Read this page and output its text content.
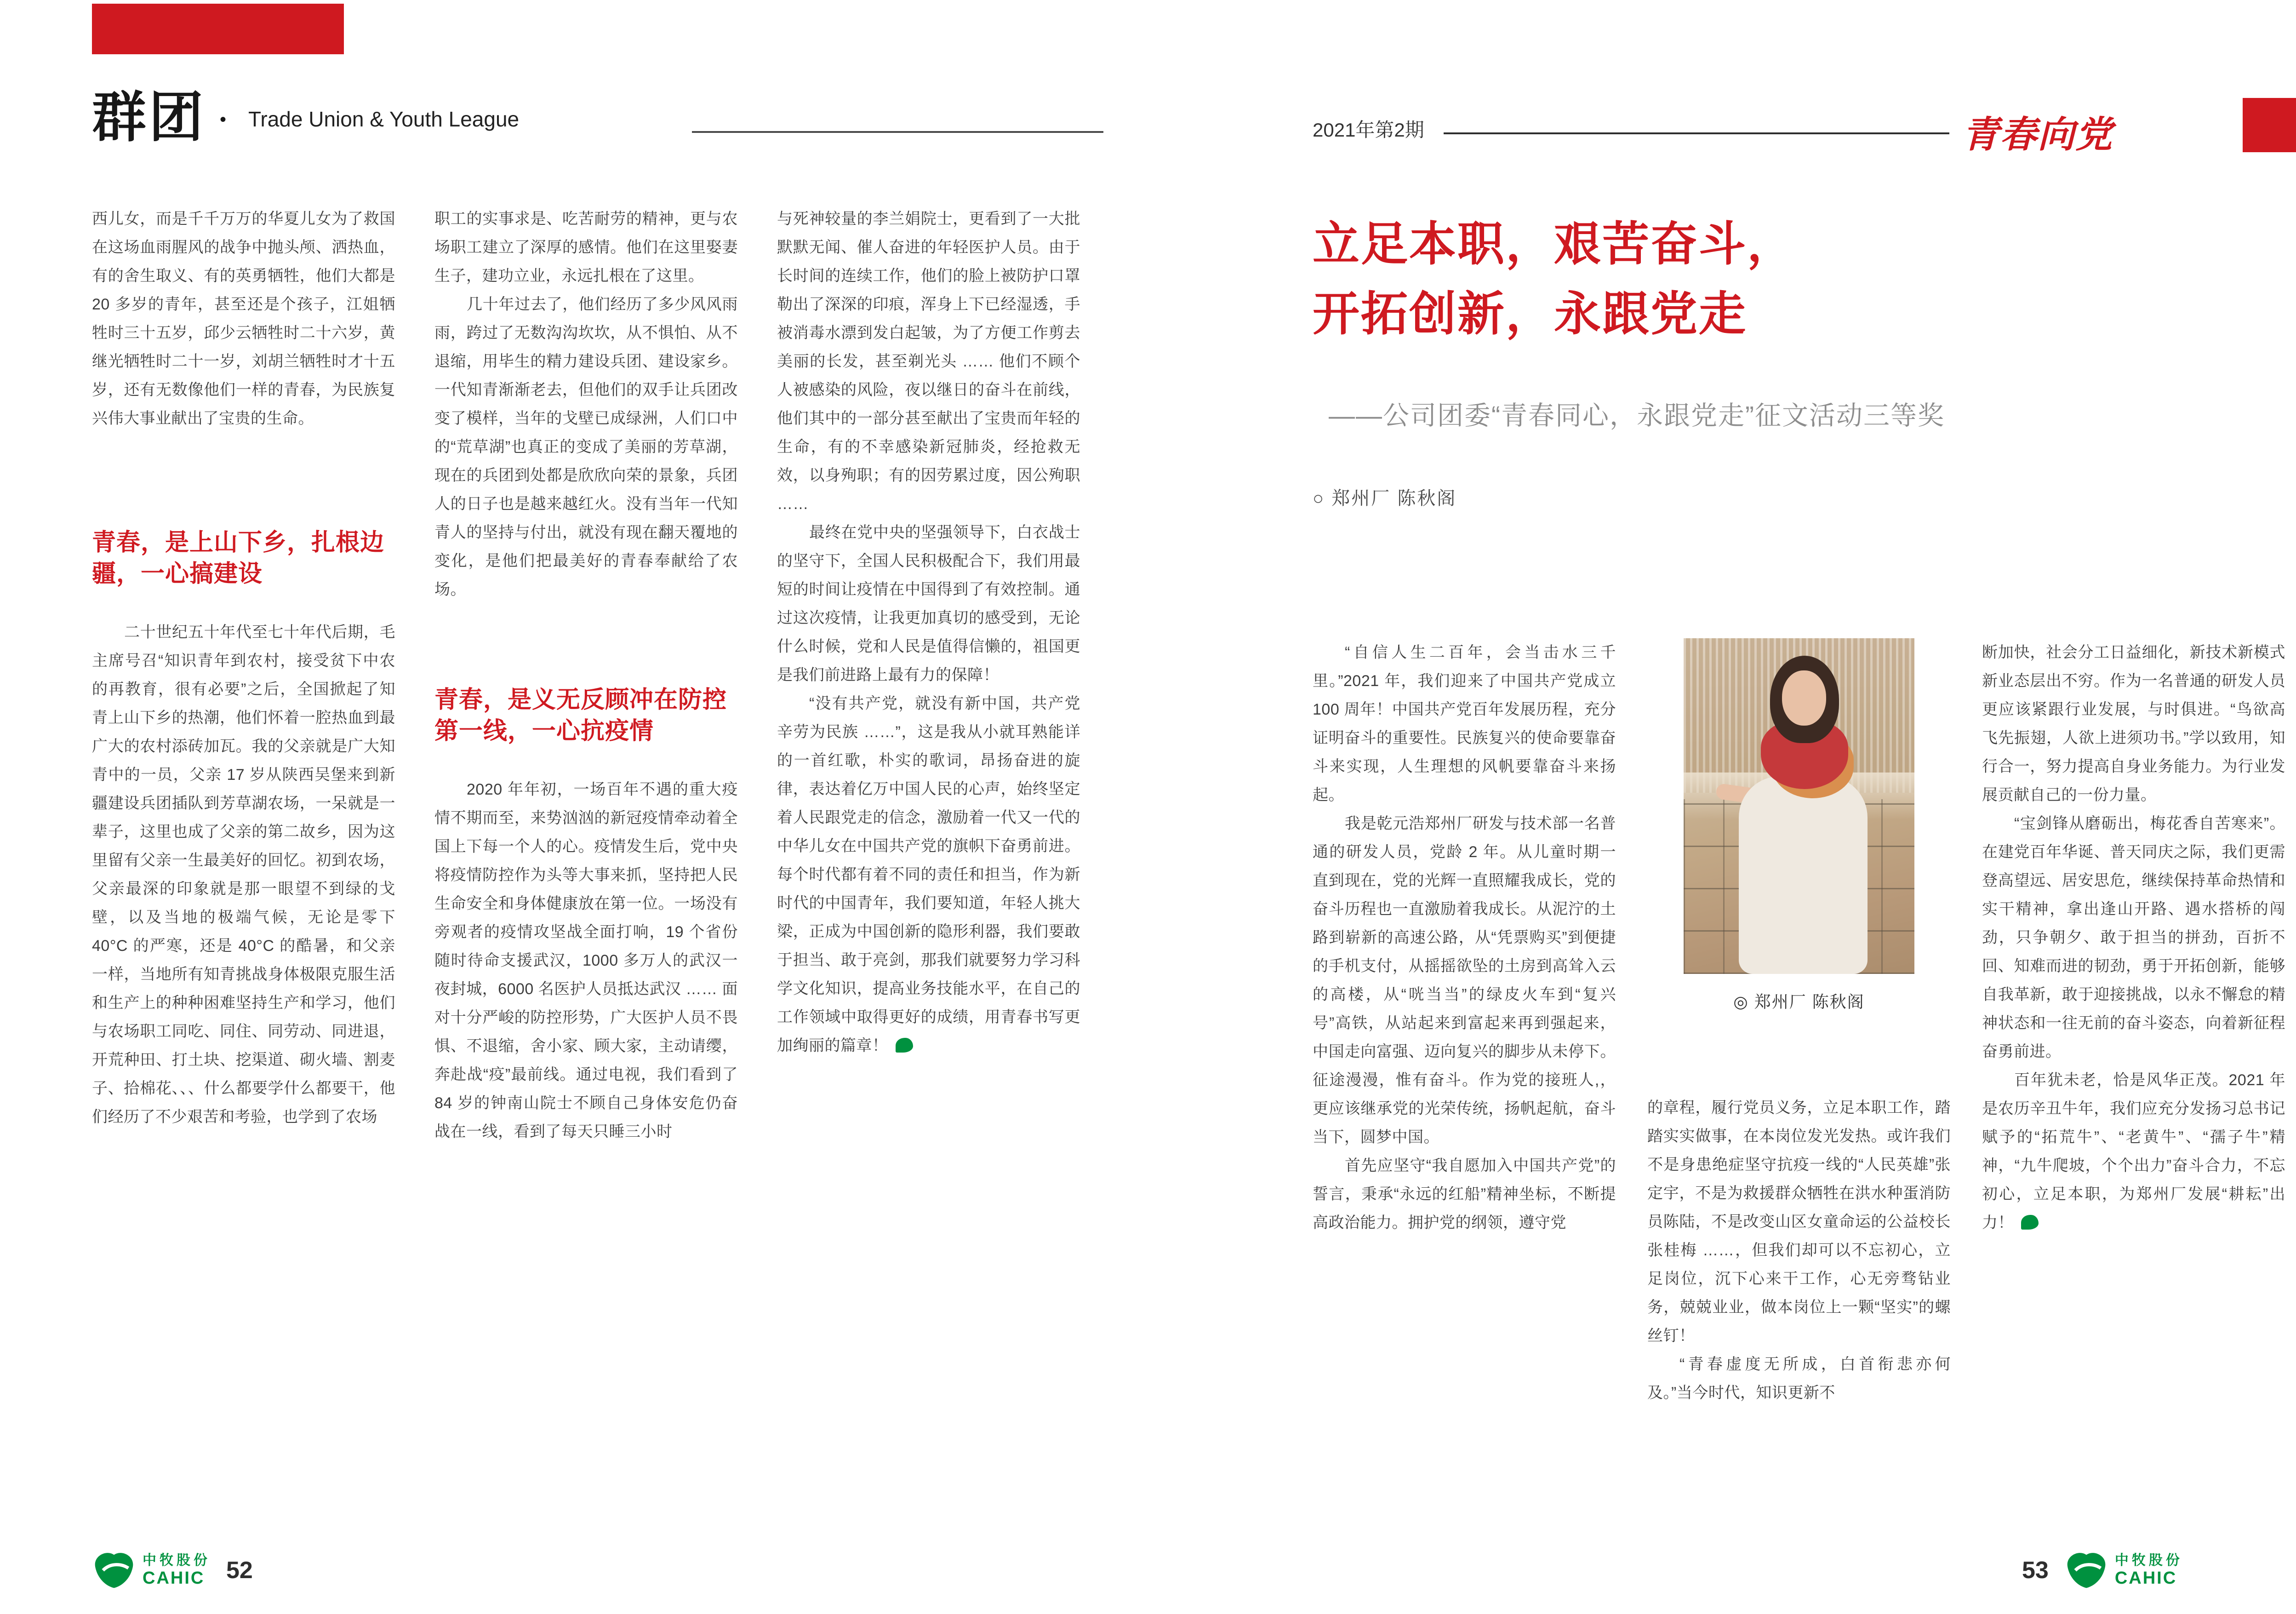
群团 • Trade Union & Youth League	2021年第2期	青春向党

西儿女，而是千千万万的华夏儿女为了救国在这场血雨腥风的战争中抛头颅、洒热血，有的舍生取义、有的英勇牺牲，他们大都是 20 多岁的青年，甚至还是个孩子，江姐牺牲时三十五岁，邱少云牺牲时二十六岁，黄继光牺牲时二十一岁，刘胡兰牺牲时才十五岁，还有无数像他们一样的青春，为民族复兴伟大事业献出了宝贵的生命。

青春，是上山下乡，扎根边疆，一心搞建设

二十世纪五十年代至七十年代后期，毛主席号召“知识青年到农村，接受贫下中农的再教育，很有必要”之后，全国掀起了知青上山下乡的热潮，他们怀着一腔热血到最广大的农村添砖加瓦。我的父亲就是广大知青中的一员，父亲 17 岁从陕西吴堡来到新疆建设兵团插队到芳草湖农场，一呆就是一辈子，这里也成了父亲的第二故乡，因为这里留有父亲一生最美好的回忆。初到农场，父亲最深的印象就是那一眼望不到绿的戈壁，以及当地的极端气候，无论是零下 40°C 的严寒，还是 40°C 的酷暑，和父亲一样，当地所有知青挑战身体极限克服生活和生产上的种种困难坚持生产和学习，他们与农场职工同吃、同住、同劳动、同进退，开荒种田、打土块、挖渠道、砌火墙、割麦子、拾棉花、、、什么都要学什么都要干，他们经历了不少艰苦和考验，也学到了农场

职工的实事求是、吃苦耐劳的精神，更与农场职工建立了深厚的感情。他们在这里娶妻生子，建功立业，永远扎根在了这里。

几十年过去了，他们经历了多少风风雨雨，跨过了无数沟沟坎坎，从不惧怕、从不退缩，用毕生的精力建设兵团、建设家乡。一代知青渐渐老去，但他们的双手让兵团改变了模样，当年的戈壁已成绿洲，人们口中的“荒草湖”也真正的变成了美丽的芳草湖，现在的兵团到处都是欣欣向荣的景象，兵团人的日子也是越来越红火。没有当年一代知青人的坚持与付出，就没有现在翻天覆地的变化，是他们把最美好的青春奉献给了农场。

青春，是义无反顾冲在防控第一线，一心抗疫情

2020 年年初，一场百年不遇的重大疫情不期而至，来势汹汹的新冠疫情牵动着全国上下每一个人的心。疫情发生后，党中央将疫情防控作为头等大事来抓，坚持把人民生命安全和身体健康放在第一位。一场没有旁观者的疫情攻坚战全面打响，19 个省份随时待命支援武汉，1000 多万人的武汉一夜封城，6000 名医护人员抵达武汉 …… 面对十分严峻的防控形势，广大医护人员不畏惧、不退缩，舍小家、顾大家，主动请缨，奔赴战“疫”最前线。通过电视，我们看到了 84 岁的钟南山院士不顾自己身体安危仍奋战在一线，看到了每天只睡三小时

与死神较量的李兰娟院士，更看到了一大批默默无闻、催人奋进的年轻医护人员。由于长时间的连续工作，他们的脸上被防护口罩勒出了深深的印痕，浑身上下已经湿透，手被消毒水漂到发白起皱，为了方便工作剪去美丽的长发，甚至剃光头 …… 他们不顾个人被感染的风险，夜以继日的奋斗在前线，他们其中的一部分甚至献出了宝贵而年轻的生命，有的不幸感染新冠肺炎，经抢救无效，以身殉职；有的因劳累过度，因公殉职 ……

最终在党中央的坚强领导下，白衣战士的坚守下，全国人民积极配合下，我们用最短的时间让疫情在中国得到了有效控制。通过这次疫情，让我更加真切的感受到，无论什么时候，党和人民是值得信懒的，祖国更是我们前进路上最有力的保障！

“没有共产党，就没有新中国，共产党辛劳为民族 ……”，这是我从小就耳熟能详的一首红歌，朴实的歌词，昂扬奋进的旋律，表达着亿万中国人民的心声，始终坚定着人民跟党走的信念，激励着一代又一代的中华儿女在中国共产党的旗帜下奋勇前进。每个时代都有着不同的责任和担当，作为新时代的中国青年，我们要知道，年轻人挑大梁，正成为中国创新的隐形利器，我们要敢于担当、敢于亮剑，那我们就要努力学习科学文化知识，提高业务技能水平，在自己的工作领域中取得更好的成绩，用青春书写更加绚丽的篇章！

立足本职，艰苦奋斗，
开拓创新，永跟党走
——公司团委“青春同心，永跟党走”征文活动三等奖
○ 郑州厂 陈秋阁

“自信人生二百年，会当击水三千里。”2021 年，我们迎来了中国共产党成立 100 周年！中国共产党百年发展历程，充分证明奋斗的重要性。民族复兴的使命要靠奋斗来实现，人生理想的风帆要靠奋斗来扬起。

我是乾元浩郑州厂研发与技术部一名普通的研发人员，党龄 2 年。从儿童时期一直到现在，党的光辉一直照耀我成长，党的奋斗历程也一直激励着我成长。从泥泞的土路到崭新的高速公路，从“凭票购买”到便捷的手机支付，从摇摇欲坠的土房到高耸入云的高楼，从“咣当当”的绿皮火车到“复兴号”高铁，从站起来到富起来再到强起来，中国走向富强、迈向复兴的脚步从未停下。征途漫漫，惟有奋斗。作为党的接班人,，更应该继承党的光荣传统，扬帆起航，奋斗当下，圆梦中国。

首先应坚守“我自愿加入中国共产党”的誓言，秉承“永远的红船”精神坐标，不断提高政治能力。拥护党的纲领，遵守党

◎ 郑州厂 陈秋阁

的章程，履行党员义务，立足本职工作，踏踏实实做事，在本岗位发光发热。或许我们不是身患绝症坚守抗疫一线的“人民英雄”张定宇，不是为救援群众牺牲在洪水种蛋消防员陈陆，不是改变山区女童命运的公益校长张桂梅 ……，但我们却可以不忘初心，立足岗位，沉下心来干工作，心无旁骛钻业务，兢兢业业，做本岗位上一颗“坚实”的螺丝钉！

“青春虚度无所成，白首衔悲亦何及。”当今时代，知识更新不

断加快，社会分工日益细化，新技术新模式新业态层出不穷。作为一名普通的研发人员更应该紧跟行业发展，与时俱进。“鸟欲高飞先振翅，人欲上进须功书。”学以致用，知行合一，努力提高自身业务能力。为行业发展贡献自己的一份力量。

“宝剑锋从磨砺出，梅花香自苦寒来”。在建党百年华诞、普天同庆之际，我们更需登高望远、居安思危，继续保持革命热情和实干精神，拿出逢山开路、遇水搭桥的闯劲，只争朝夕、敢于担当的拼劲，百折不回、知难而进的韧劲，勇于开拓创新，能够自我革新，敢于迎接挑战，以永不懈怠的精神状态和一往无前的奋斗姿态，向着新征程奋勇前进。

百年犹未老，恰是风华正茂。2021 年是农历辛丑牛年，我们应充分发扬习总书记赋予的“拓荒牛”、“老黄牛”、“孺子牛”精神，“九牛爬坡，个个出力”奋斗合力，不忘初心，立足本职，为郑州厂发展“耕耘”出力！

中牧股份
CAHIC 52	53	中牧股份
CAHIC
